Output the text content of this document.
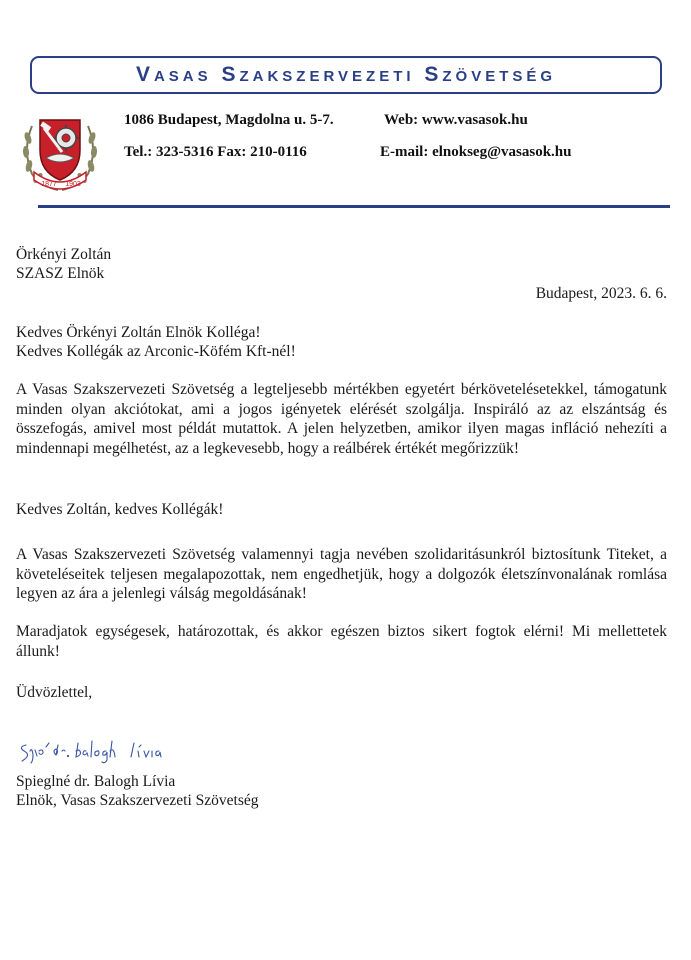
Vasas Szakszervezeti Szövetség
1877 1903
1086 Budapest, Magdolna u. 5-7.	Web: www.vasasok.hu
Tel.: 323-5316 Fax: 210-0116	E-mail: elnokseg@vasasok.hu
Örkényi Zoltán
SZASZ Elnök
Budapest, 2023. 6. 6.
Kedves Örkényi Zoltán Elnök Kolléga!
Kedves Kollégák az Arconic-Köfém Kft-nél!
A Vasas Szakszervezeti Szövetség a legteljesebb mértékben egyetért bérkövetelésetekkel, támogatunk minden olyan akciótokat, ami a jogos igényetek elérését szolgálja. Inspiráló az az elszántság és összefogás, amivel most példát mutattok. A jelen helyzetben, amikor ilyen magas infláció nehezíti a mindennapi megélhetést, az a legkevesebb, hogy a reálbérek értékét megőrizzük!
Kedves Zoltán, kedves Kollégák!
A Vasas Szakszervezeti Szövetség valamennyi tagja nevében szolidaritásunkról biztosítunk Titeket, a követeléseitek teljesen megalapozottak, nem engedhetjük, hogy a dolgozók életszínvonalának romlása legyen az ára a jelenlegi válság megoldásának!
Maradjatok egységesek, határozottak, és akkor egészen biztos sikert fogtok elérni! Mi mellettetek állunk!
Üdvözlettel,
Spieglné dr. Balogh Lívia
Elnök, Vasas Szakszervezeti Szövetség
